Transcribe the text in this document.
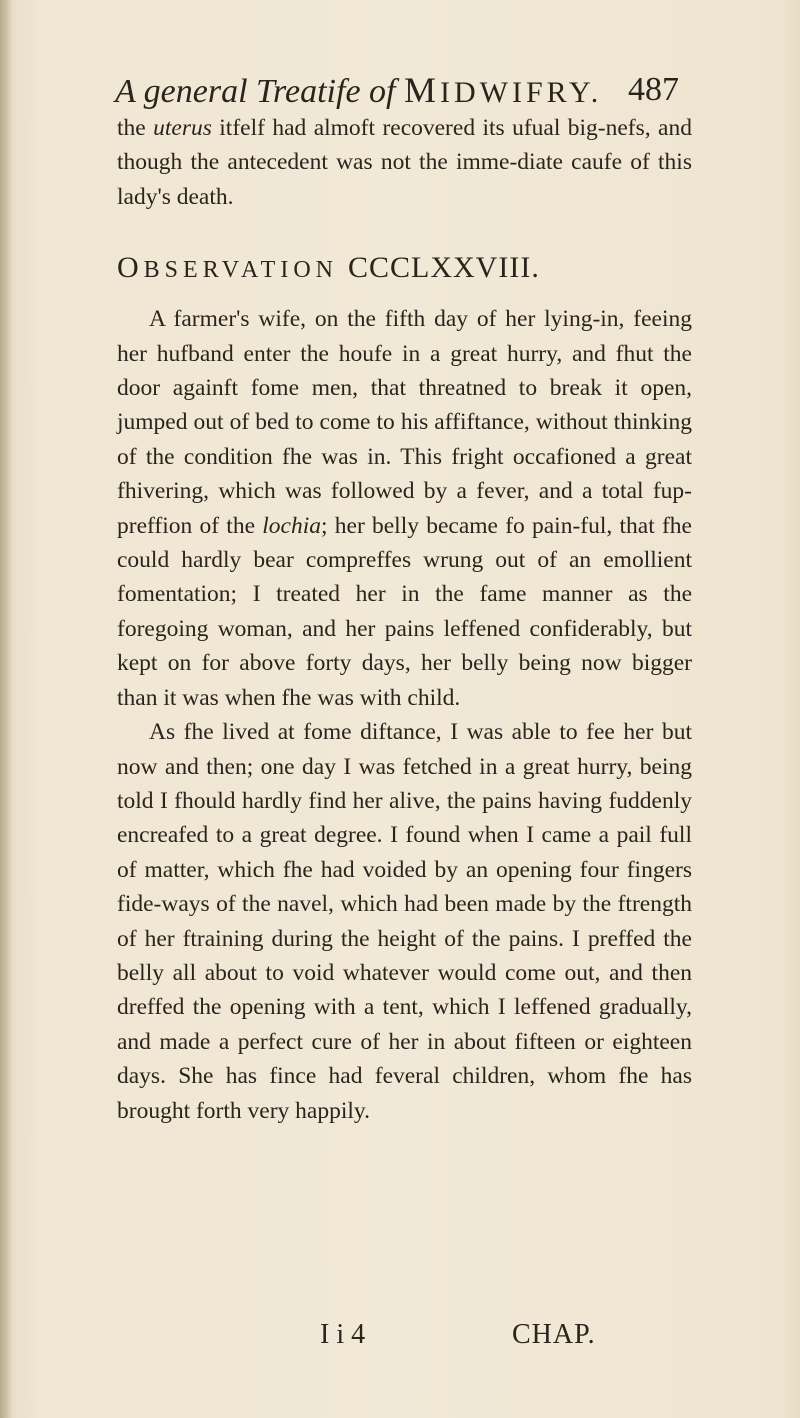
A general Treatife of MIDWIFRY. 487

the uterus itfelf had almoft recovered its ufual big-nefs, and though the antecedent was not the imme-diate caufe of this lady's death.

OBSERVATION CCCLXXVIII.

A farmer's wife, on the fifth day of her lying-in, feeing her hufband enter the houfe in a great hurry, and fhut the door againft fome men, that threatned to break it open, jumped out of bed to come to his affiftance, without thinking of the condition fhe was in. This fright occafioned a great fhivering, which was followed by a fever, and a total fup-preffion of the lochia; her belly became fo pain-ful, that fhe could hardly bear compreffes wrung out of an emollient fomentation; I treated her in the fame manner as the foregoing woman, and her pains leffened confiderably, but kept on for above forty days, her belly being now bigger than it was when fhe was with child.

As fhe lived at fome diftance, I was able to fee her but now and then; one day I was fetched in a great hurry, being told I fhould hardly find her alive, the pains having fuddenly encreafed to a great degree. I found when I came a pail full of matter, which fhe had voided by an opening four fingers fide-ways of the navel, which had been made by the ftrength of her ftraining during the height of the pains. I preffed the belly all about to void whatever would come out, and then dreffed the opening with a tent, which I leffened gradually, and made a perfect cure of her in about fifteen or eighteen days. She has fince had feveral children, whom fhe has brought forth very happily.

I i 4	CHAP.
